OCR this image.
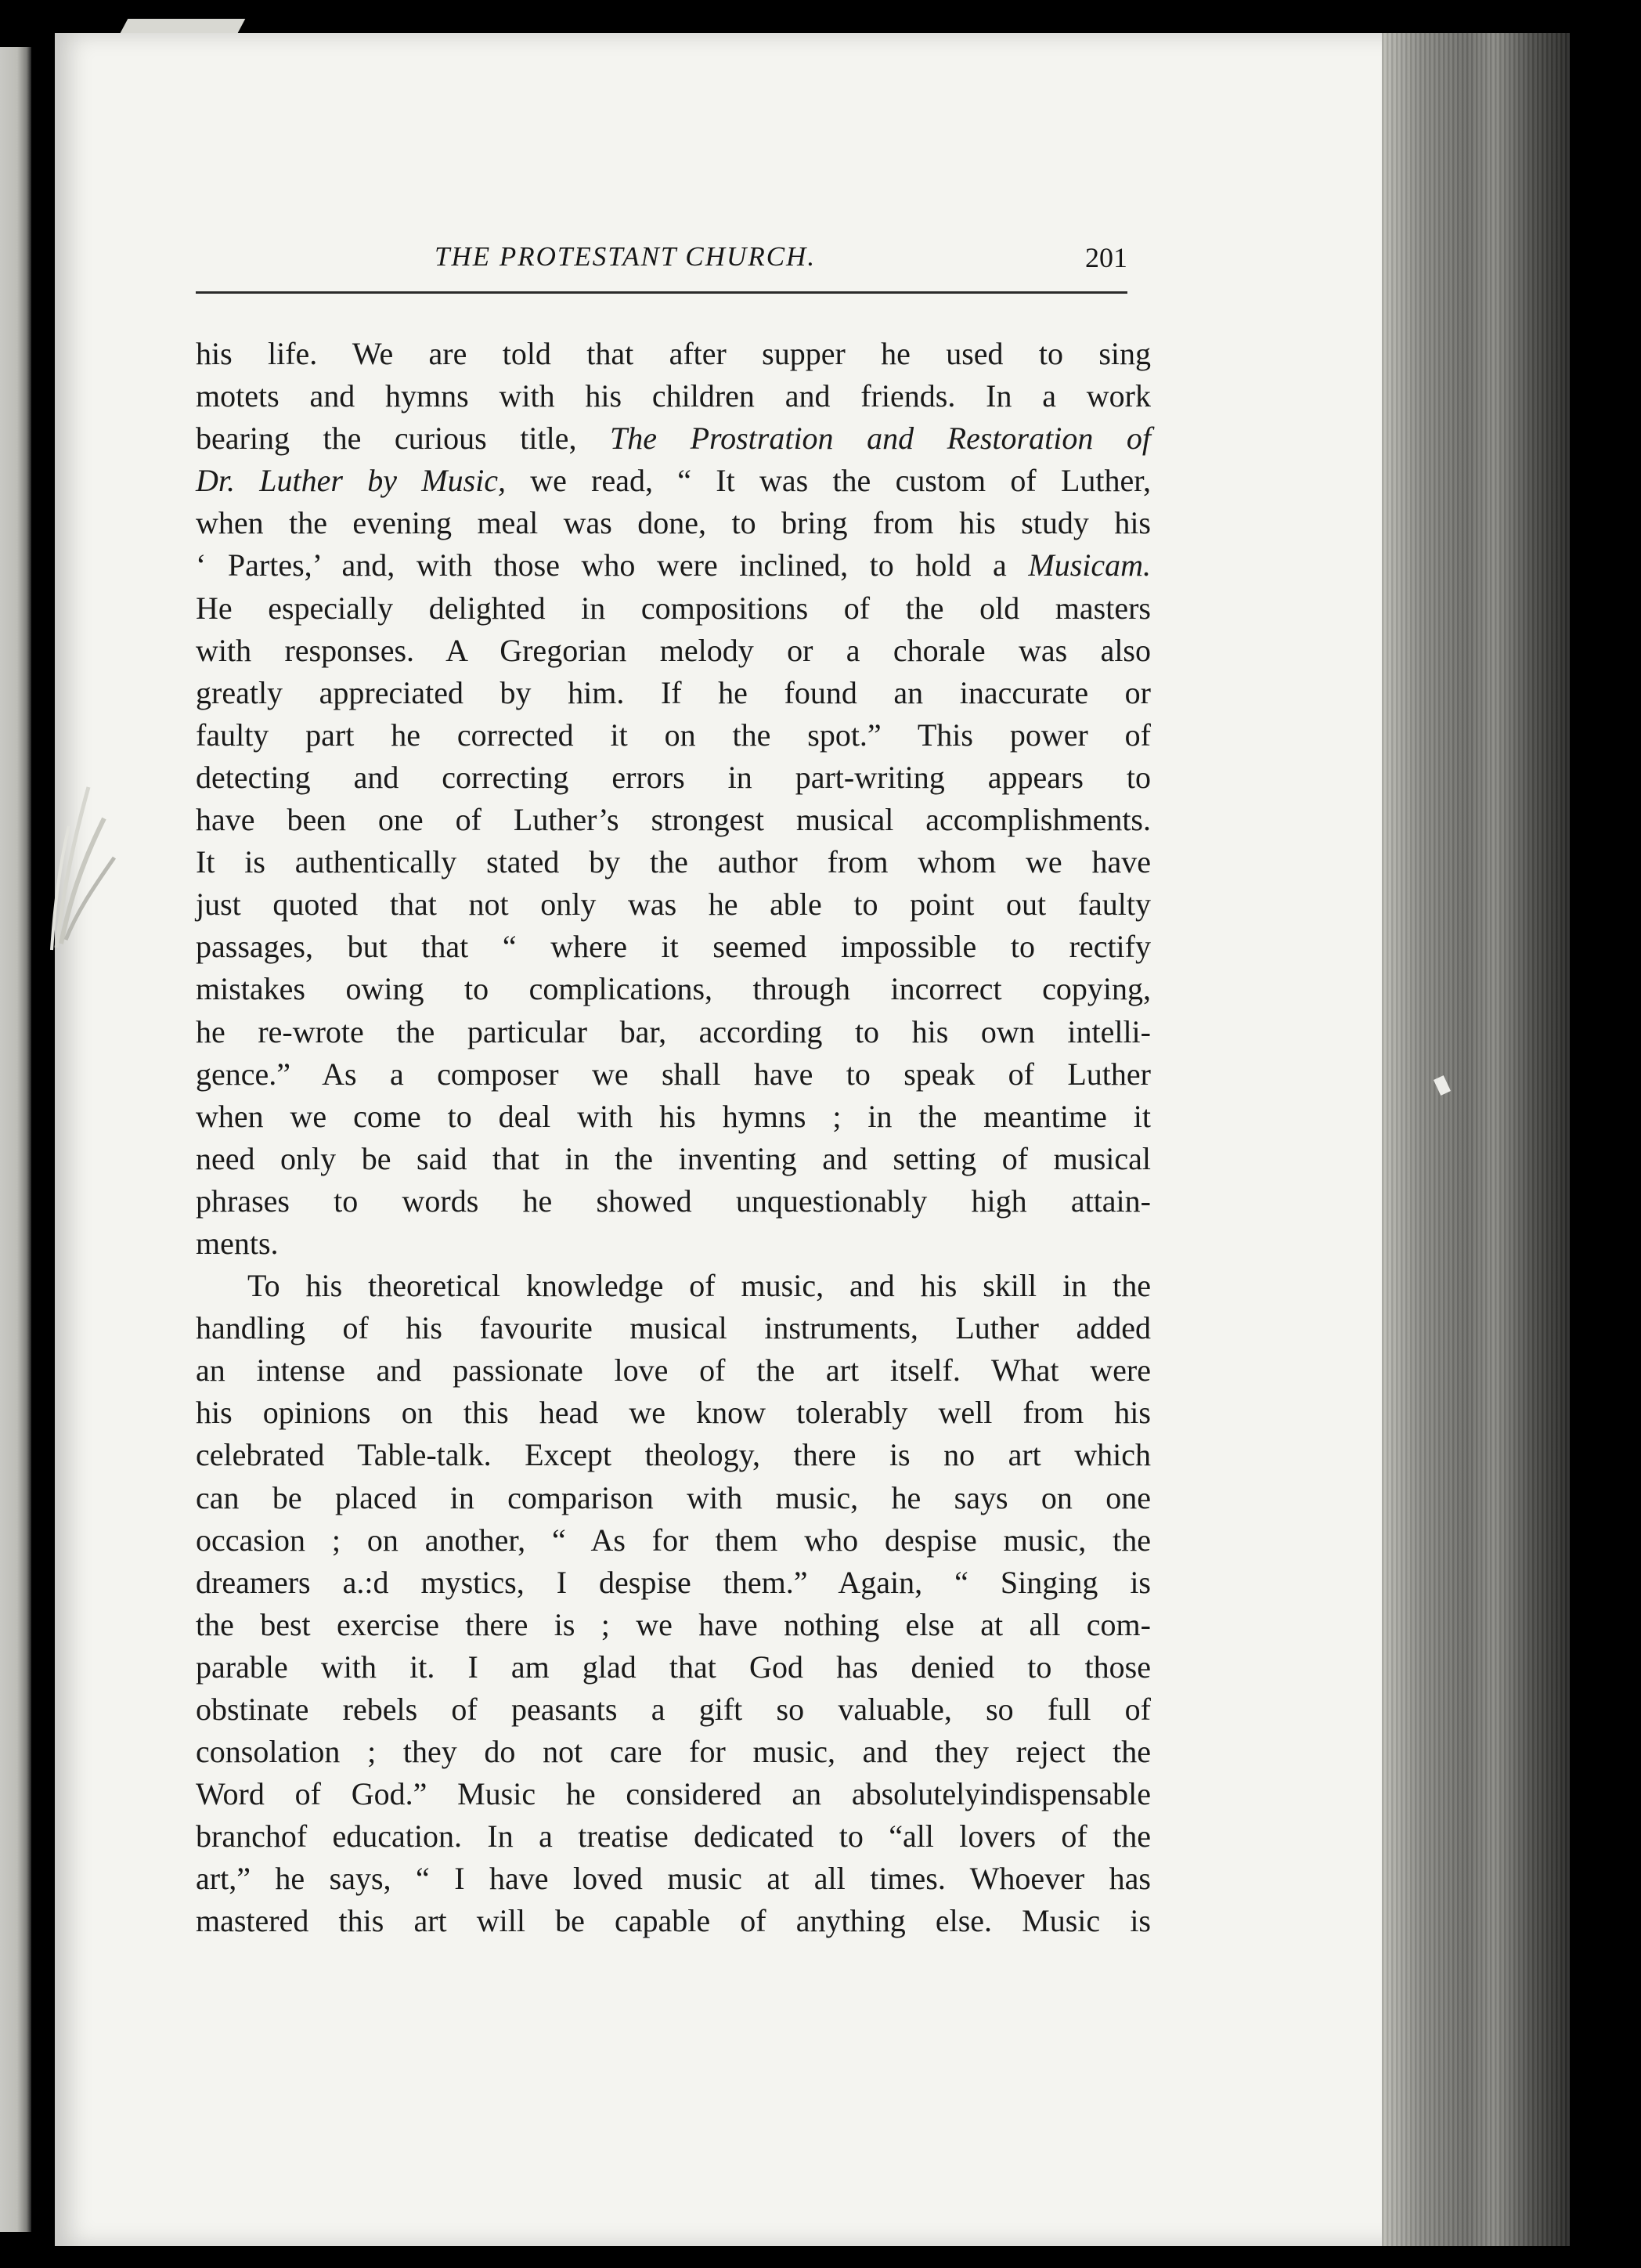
THE PROTESTANT CHURCH.	201
his life. We are told that after supper he used to sing
motets and hymns with his children and friends. In a work
bearing the curious title, The Prostration and Restoration of
Dr. Luther by Music, we read, “ It was the custom of Luther,
when the evening meal was done, to bring from his study his
‘ Partes,’ and, with those who were inclined, to hold a Musicam.
He especially delighted in compositions of the old masters
with responses. A Gregorian melody or a chorale was also
greatly appreciated by him. If he found an inaccurate or
faulty part he corrected it on the spot.” This power of
detecting and correcting errors in part-writing appears to
have been one of Luther’s strongest musical accomplishments.
It is authentically stated by the author from whom we have
just quoted that not only was he able to point out faulty
passages, but that “ where it seemed impossible to rectify
mistakes owing to complications, through incorrect copying,
he re-wrote the particular bar, according to his own intelli-
gence.” As a composer we shall have to speak of Luther
when we come to deal with his hymns ; in the meantime it
need only be said that in the inventing and setting of musical
phrases to words he showed unquestionably high attain-
ments.
To his theoretical knowledge of music, and his skill in the
handling of his favourite musical instruments, Luther added
an intense and passionate love of the art itself. What were
his opinions on this head we know tolerably well from his
celebrated Table-talk. Except theology, there is no art which
can be placed in comparison with music, he says on one
occasion ; on another, “ As for them who despise music, the
dreamers a.:d mystics, I despise them.” Again, “ Singing is
the best exercise there is ; we have nothing else at all com-
parable with it. I am glad that God has denied to those
obstinate rebels of peasants a gift so valuable, so full of
consolation ; they do not care for music, and they reject the
Word of God.” Music he considered an absolutelyindispensable
branchof education. In a treatise dedicated to “all lovers of the
art,” he says, “ I have loved music at all times. Whoever has
mastered this art will be capable of anything else. Music is
